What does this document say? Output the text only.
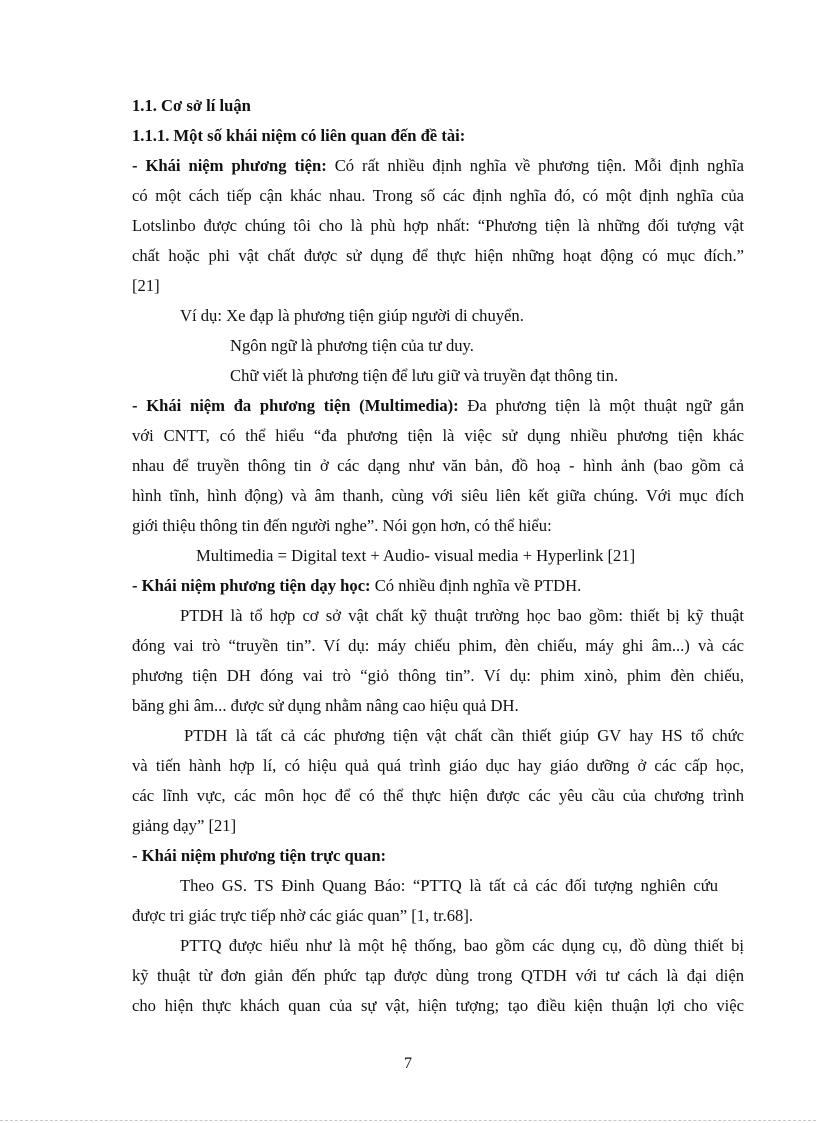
1.1. Cơ sở lí luận
1.1.1. Một số khái niệm có liên quan đến đề tài:
- Khái niệm phương tiện: Có rất nhiều định nghĩa về phương tiện. Mỗi định nghĩa
có một cách tiếp cận khác nhau. Trong số các định nghĩa đó, có một định nghĩa của
Lotslinbo được chúng tôi cho là phù hợp nhất: “Phương tiện là những đối tượng vật
chất hoặc phi vật chất được sử dụng để thực hiện những hoạt động có mục đích.”
[21]
Ví dụ: Xe đạp là phương tiện giúp người di chuyển.
Ngôn ngữ là phương tiện của tư duy.
Chữ viết là phương tiện để lưu giữ và truyền đạt thông tin.
- Khái niệm đa phương tiện (Multimedia): Đa phương tiện là một thuật ngữ gắn
với CNTT, có thể hiểu “đa phương tiện là việc sử dụng nhiều phương tiện khác
nhau để truyền thông tin ở các dạng như văn bản, đồ hoạ - hình ảnh (bao gồm cả
hình tĩnh, hình động) và âm thanh, cùng với siêu liên kết giữa chúng. Với mục đích
giới thiệu thông tin đến người nghe”. Nói gọn hơn, có thể hiểu:
Multimedia = Digital text + Audio- visual media + Hyperlink [21]
- Khái niệm phương tiện dạy học: Có nhiều định nghĩa về PTDH.
PTDH là tổ hợp cơ sở vật chất kỹ thuật trường học bao gồm: thiết bị kỹ thuật
đóng vai trò “truyền tin”. Ví dụ: máy chiếu phim, đèn chiếu, máy ghi âm...) và các
phương tiện DH đóng vai trò “giỏ thông tin”. Ví dụ: phim xinò, phim đèn chiếu,
băng ghi âm... được sử dụng nhằm nâng cao hiệu quả DH.
PTDH là tất cả các phương tiện vật chất cần thiết giúp GV hay HS tổ chức
và tiến hành hợp lí, có hiệu quả quá trình giáo dục hay giáo dưỡng ở các cấp học,
các lĩnh vực, các môn học để có thể thực hiện được các yêu cầu của chương trình
giảng dạy” [21]
- Khái niệm phương tiện trực quan:
Theo GS. TS Đinh Quang Báo: “PTTQ là tất cả các đối tượng nghiên cứu
được tri giác trực tiếp nhờ các giác quan” [1, tr.68].
PTTQ được hiểu như là một hệ thống, bao gồm các dụng cụ, đồ dùng thiết bị
kỹ thuật từ đơn giản đến phức tạp được dùng trong QTDH với tư cách là đại diện
cho hiện thực khách quan của sự vật, hiện tượng; tạo điều kiện thuận lợi cho việc
7
